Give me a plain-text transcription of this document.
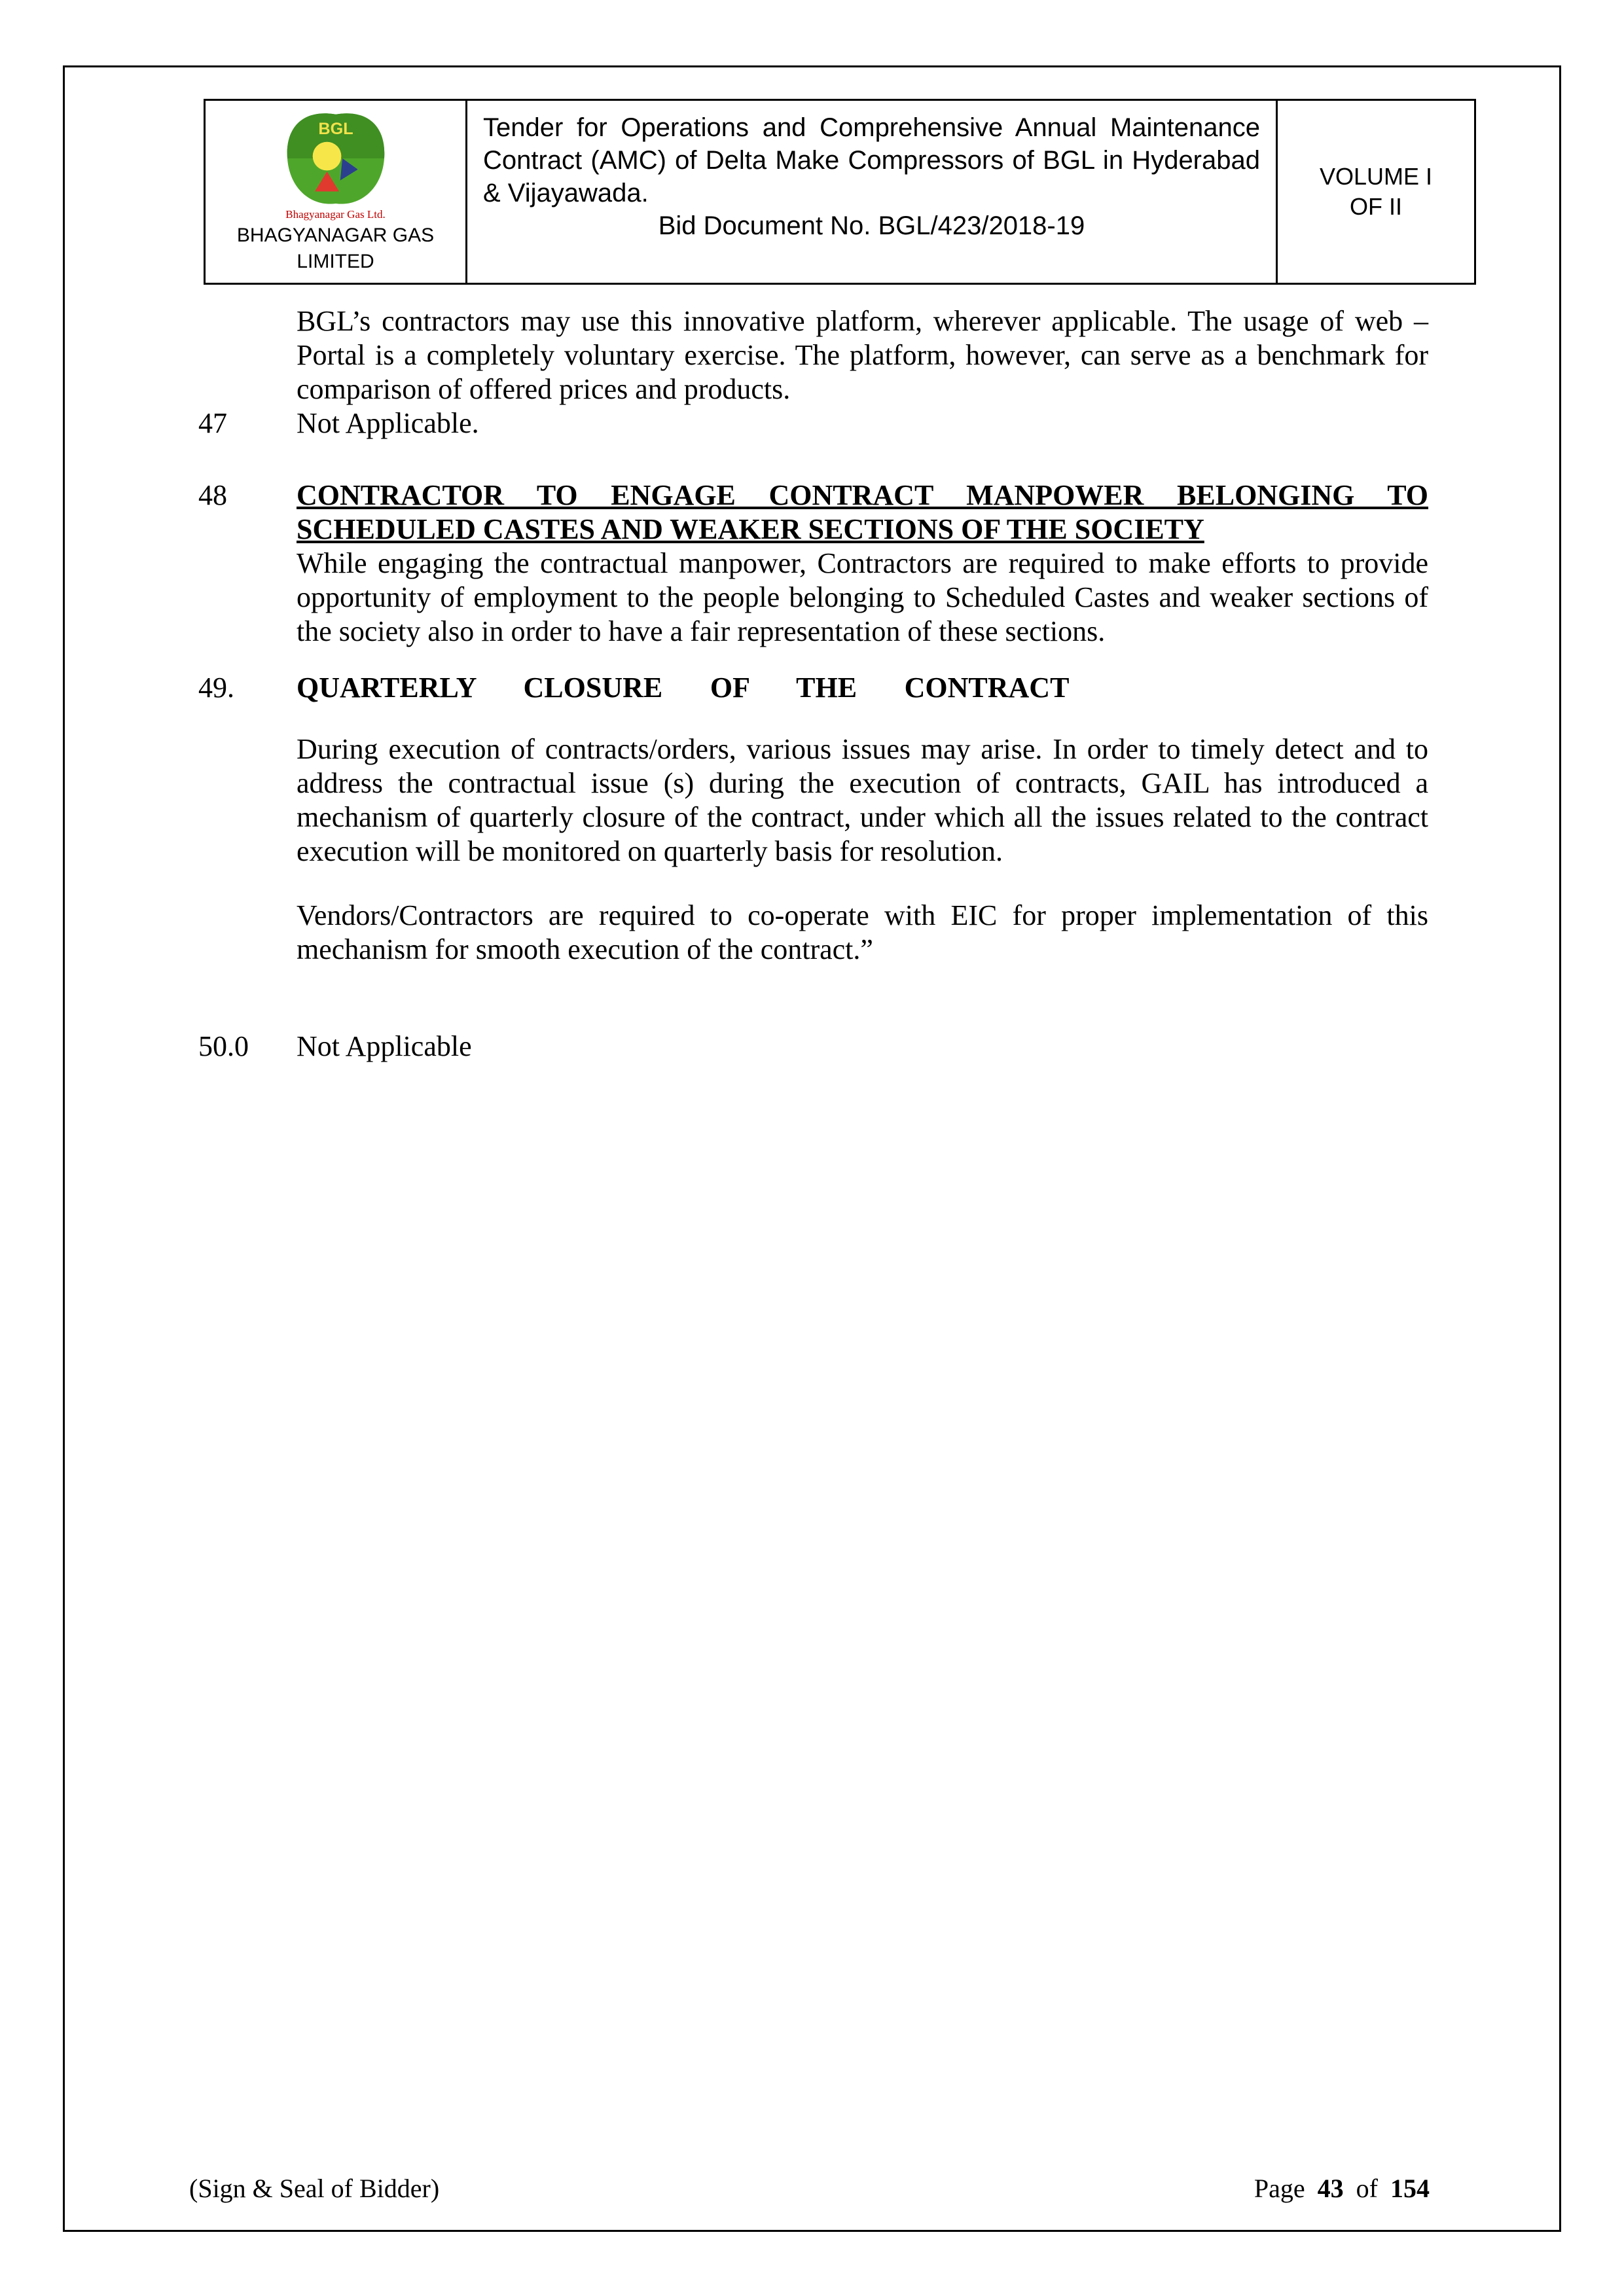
BGL
Bhagyanagar Gas Ltd.
BHAGYANAGAR GAS
LIMITED
Tender for Operations and Comprehensive Annual Maintenance Contract (AMC) of Delta Make Compressors of BGL in Hyderabad & Vijayawada.
Bid Document No. BGL/423/2018-19
VOLUME I
OF II
BGL’s contractors may use this innovative platform, wherever applicable. The usage of web – Portal is a completely voluntary exercise. The platform, however, can serve as a benchmark for comparison of offered prices and products.
47	Not Applicable.
48	CONTRACTOR TO ENGAGE CONTRACT MANPOWER BELONGING TO SCHEDULED CASTES AND WEAKER SECTIONS OF THE SOCIETY
While engaging the contractual manpower, Contractors are required to make efforts to provide opportunity of employment to the people belonging to Scheduled Castes and weaker sections of the society also in order to have a fair representation of these sections.
49.	QUARTERLY CLOSURE OF THE CONTRACT
During execution of contracts/orders, various issues may arise. In order to timely detect and to address the contractual issue (s) during the execution of contracts, GAIL has introduced a mechanism of quarterly closure of the contract, under which all the issues related to the contract execution will be monitored on quarterly basis for resolution.
Vendors/Contractors are required to co-operate with EIC for proper implementation of this mechanism for smooth execution of the contract.”
50.0	Not Applicable
(Sign & Seal of Bidder)	Page 43 of 154
